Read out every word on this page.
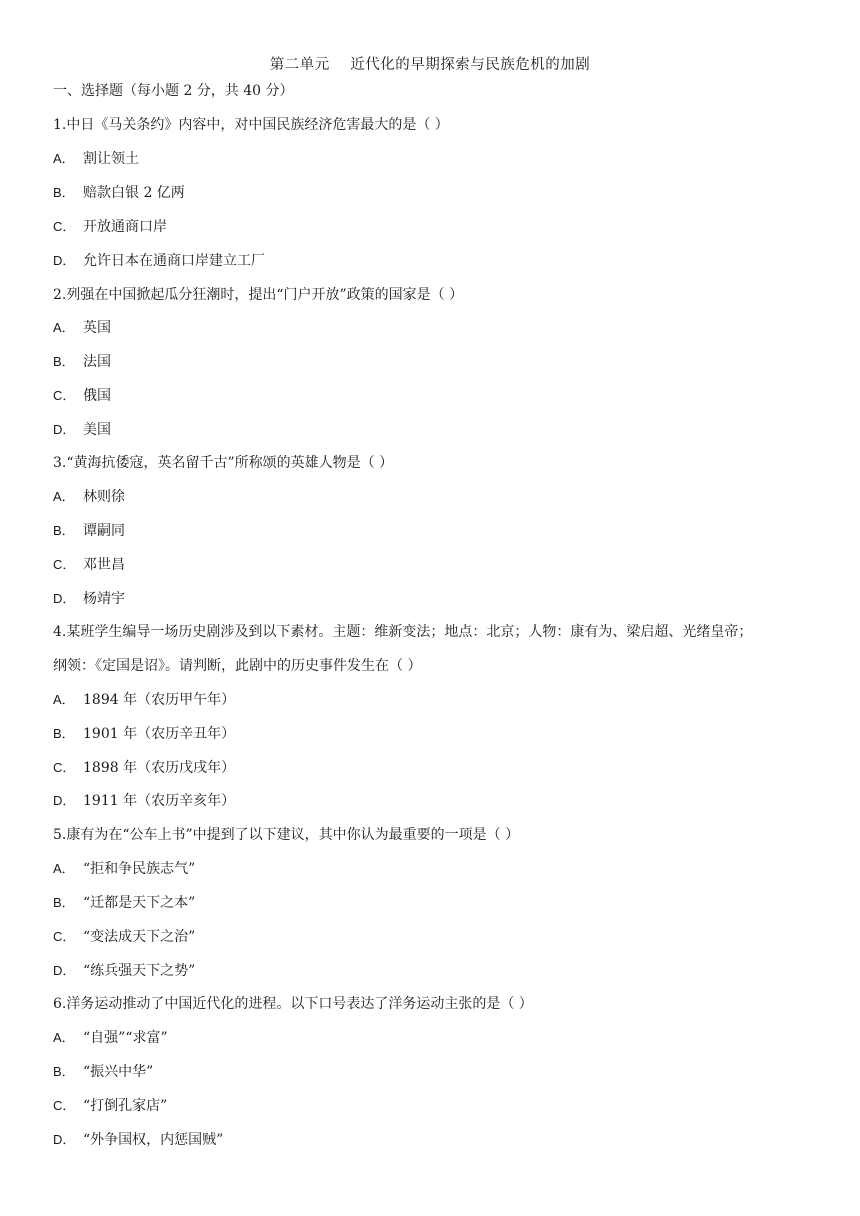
第二单元    近代化的早期探索与民族危机的加剧
一、选择题（每小题 2 分，共 40 分）
1.中日《马关条约》内容中，对中国民族经济危害最大的是（ ）
A． 割让领土
B． 赔款白银 2 亿两
C． 开放通商口岸
D． 允许日本在通商口岸建立工厂
2.列强在中国掀起瓜分狂潮时，提出“门户开放”政策的国家是（ ）
A． 英国
B． 法国
C． 俄国
D． 美国
3.“黄海抗倭寇，英名留千古”所称颂的英雄人物是（ ）
A． 林则徐
B． 谭嗣同
C． 邓世昌
D． 杨靖宇
4.某班学生编导一场历史剧涉及到以下素材。主题：维新变法；地点：北京；人物：康有为、梁启超、光绪皇帝；
纲领：《定国是诏》。请判断，此剧中的历史事件发生在（ ）
A． 1894 年（农历甲午年）
B． 1901 年（农历辛丑年）
C． 1898 年（农历戊戌年）
D． 1911 年（农历辛亥年）
5.康有为在“公车上书”中提到了以下建议，其中你认为最重要的一项是（ ）
A． “拒和争民族志气”
B． “迁都是天下之本”
C． “变法成天下之治”
D． “练兵强天下之势”
6.洋务运动推动了中国近代化的进程。以下口号表达了洋务运动主张的是（ ）
A． “自强”“求富”
B． “振兴中华”
C． “打倒孔家店”
D． “外争国权，内惩国贼”
